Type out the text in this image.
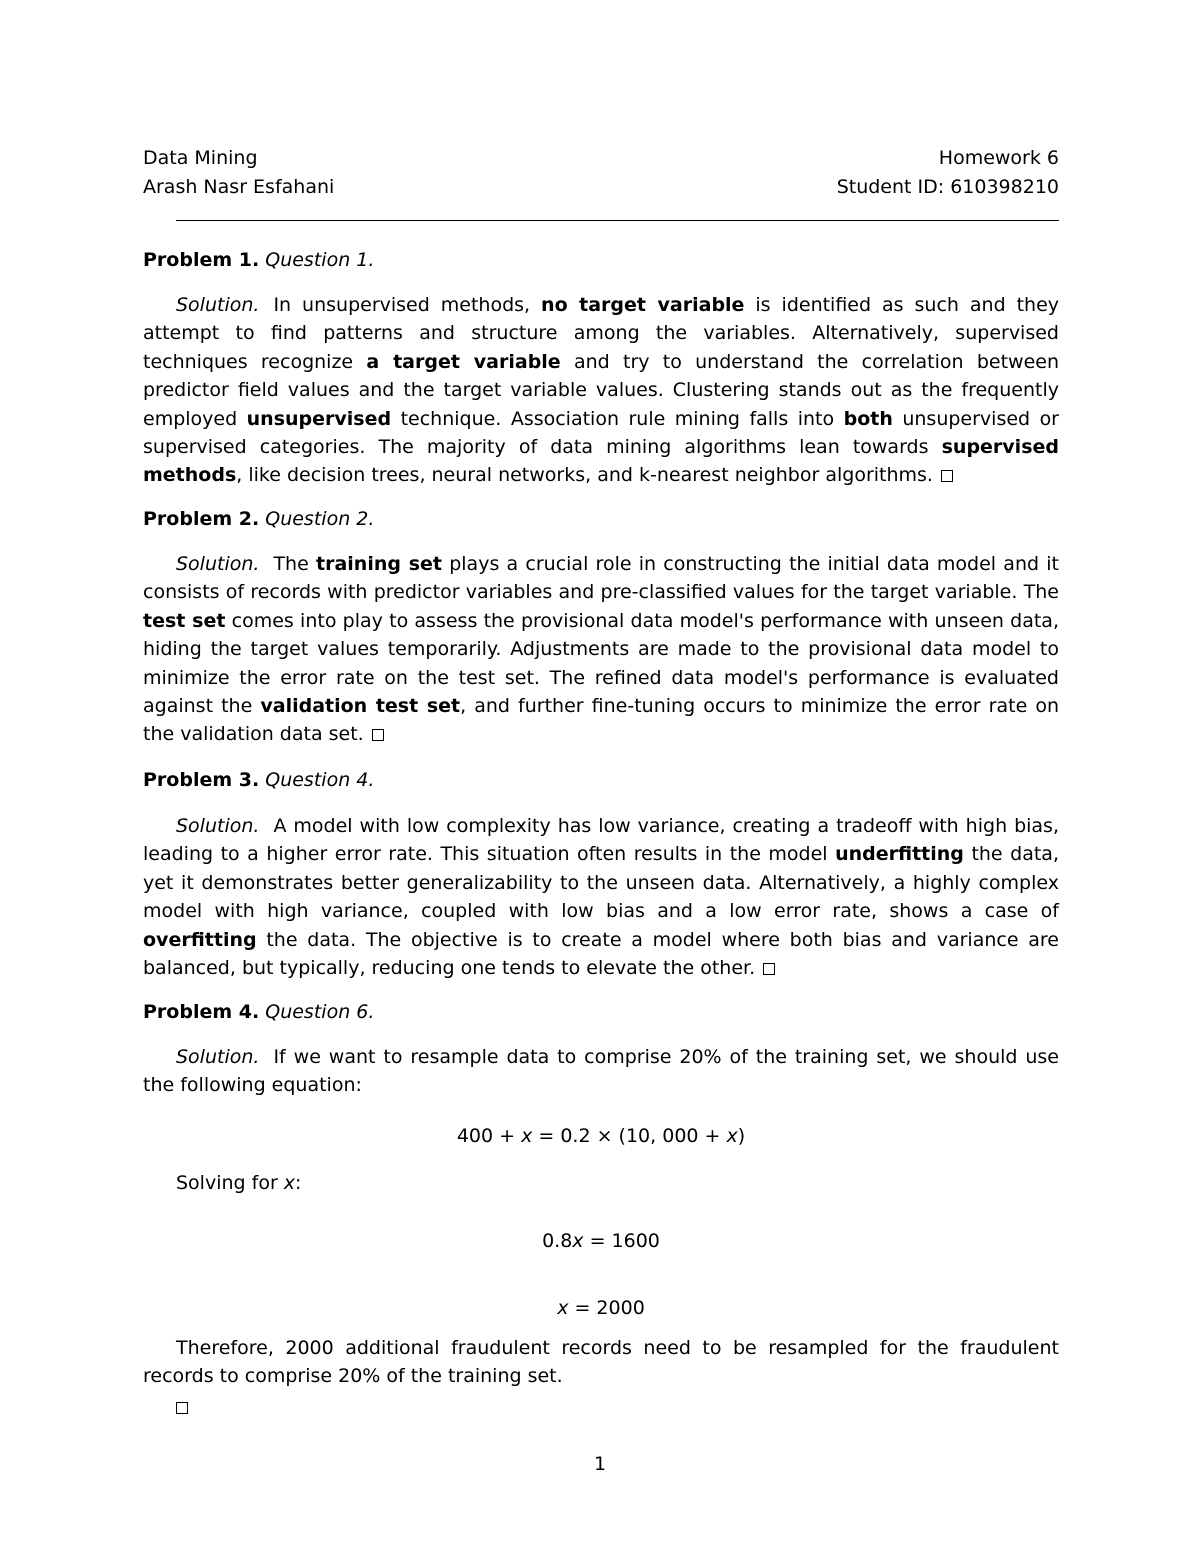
Data Mining	Homework 6
Arash Nasr Esfahani	Student ID: 610398210
Problem 1. Question 1.

Solution. In unsupervised methods, no target variable is identified as such and they attempt to find patterns and structure among the variables. Alternatively, supervised techniques recognize a target variable and try to understand the correlation between predictor field values and the target variable values. Clustering stands out as the frequently employed unsupervised technique. Association rule mining falls into both unsupervised or supervised categories. The majority of data mining algorithms lean towards supervised methods, like decision trees, neural networks, and k-nearest neighbor algorithms.

Problem 2. Question 2.

Solution. The training set plays a crucial role in constructing the initial data model and it consists of records with predictor variables and pre-classified values for the target variable. The test set comes into play to assess the provisional data model's performance with unseen data, hiding the target values temporarily. Adjustments are made to the provisional data model to minimize the error rate on the test set. The refined data model's performance is evaluated against the validation test set, and further fine-tuning occurs to minimize the error rate on the validation data set.

Problem 3. Question 4.

Solution. A model with low complexity has low variance, creating a tradeoff with high bias, leading to a higher error rate. This situation often results in the model underfitting the data, yet it demonstrates better generalizability to the unseen data. Alternatively, a highly complex model with high variance, coupled with low bias and a low error rate, shows a case of overfitting the data. The objective is to create a model where both bias and variance are balanced, but typically, reducing one tends to elevate the other.

Problem 4. Question 6.

Solution. If we want to resample data to comprise 20% of the training set, we should use the following equation:

400 + x = 0.2 × (10, 000 + x)

Solving for x:

0.8x = 1600
x = 2000

Therefore, 2000 additional fraudulent records need to be resampled for the fraudulent records to comprise 20% of the training set.

1
